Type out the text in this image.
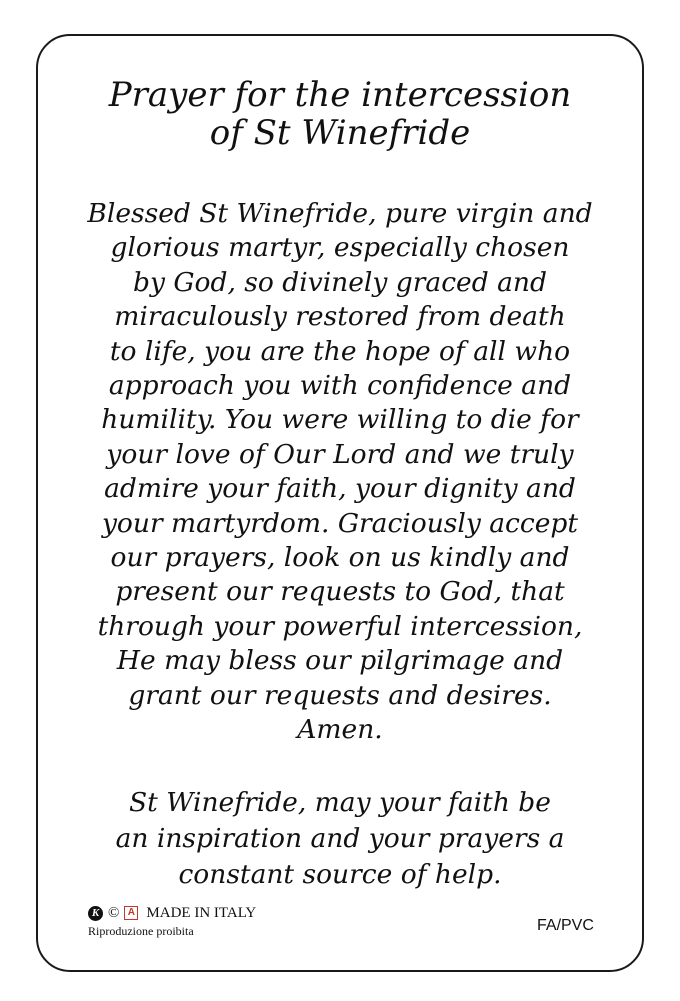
Prayer for the intercession
of St Winefride
Blessed St Winefride, pure virgin and
glorious martyr, especially chosen
by God, so divinely graced and
miraculously restored from death
to life, you are the hope of all who
approach you with confidence and
humility. You were willing to die for
your love of Our Lord and we truly
admire your faith, your dignity and
your martyrdom. Graciously accept
our prayers, look on us kindly and
present our requests to God, that
through your powerful intercession,
He may bless our pilgrimage and
grant our requests and desires.
Amen.
St Winefride, may your faith be
an inspiration and your prayers a
constant source of help.
K © A MADE IN ITALY
Riproduzione proibita	FA/PVC
